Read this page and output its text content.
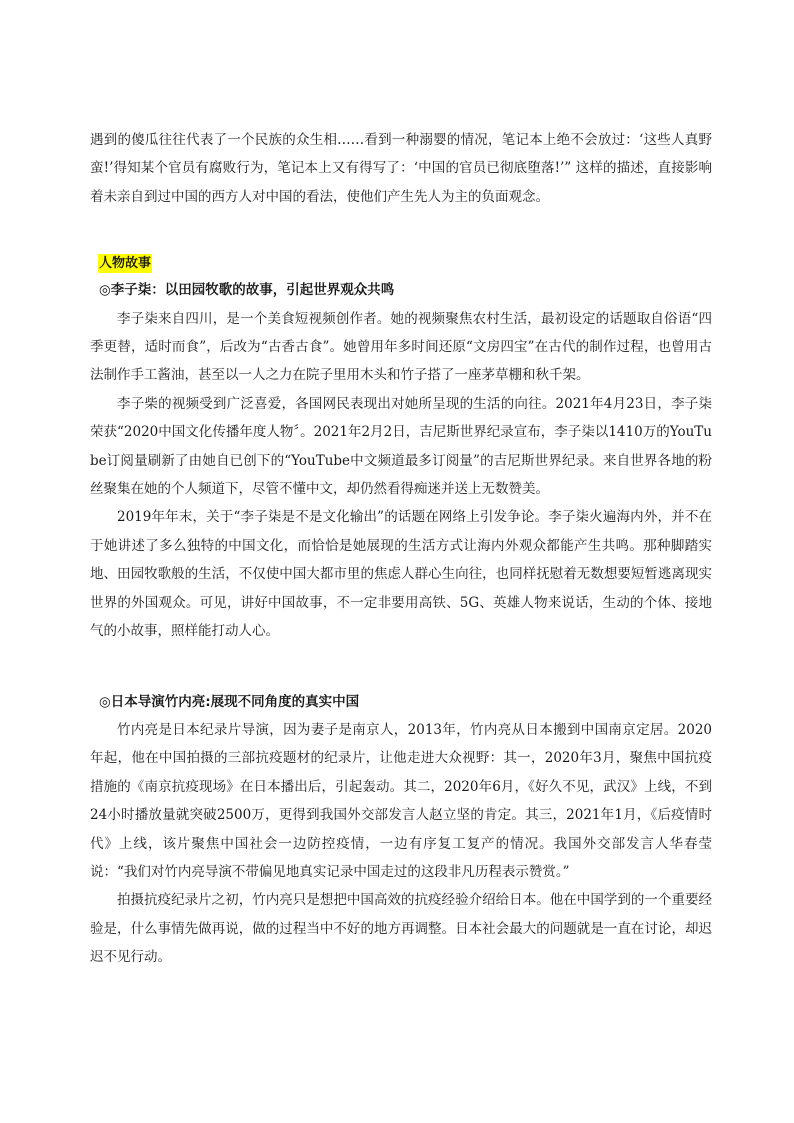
遇到的傻瓜往往代表了一个民族的众生相……看到一种溺婴的情况，笔记本上绝不会放过：‘这些人真野蛮!’得知某个官员有腐败行为，笔记本上又有得写了：‘中国的官员已彻底堕落!’” 这样的描述，直接影响着未亲自到过中国的西方人对中国的看法，使他们产生先人为主的负面观念。

人物故事
◎李子柒：以田园牧歌的故事，引起世界观众共鸣

李子柒来自四川，是一个美食短视频创作者。她的视频聚焦农村生活，最初设定的话题取自俗语“四季更替，适时而食”，后改为“古香古食”。她曾用年多时间还原“文房四宝”在古代的制作过程，也曾用古法制作手工酱油，甚至以一人之力在院子里用木头和竹子搭了一座茅草棚和秋千架。

李子柴的视频受到广泛喜爱，各国网民表现出对她所呈现的生活的向往。2021年4月23日，李子柒荣获“2020中国文化传播年度人物〞。2021年2月2日，吉尼斯世界纪录宣布，李子柒以1410万的YouTube订阅量刷新了由她自已创下的“YouTube中文频道最多订阅量”的吉尼斯世界纪录。来自世界各地的粉丝聚集在她的个人频道下，尽管不懂中文，却仍然看得痴迷并送上无数赞美。

2019年年末，关于“李子柒是不是文化输出”的话题在网络上引发争论。李子柒火遍海内外，并不在于她讲述了多么独特的中国文化，而恰恰是她展现的生活方式让海内外观众都能产生共鸣。那种脚踏实地、田园牧歌般的生活，不仅使中国大都市里的焦虑人群心生向往，也同样抚慰着无数想要短暂逃离现实世界的外国观众。可见，讲好中国故事，不一定非要用高铁、5G、英雄人物来说话，生动的个体、接地气的小故事，照样能打动人心。

◎日本导演竹内亮:展现不同角度的真实中国

竹内亮是日本纪录片导演，因为妻子是南京人，2013年，竹内亮从日本搬到中国南京定居。2020年起，他在中国拍摄的三部抗疫题材的纪录片，让他走进大众视野：其一，2020年3月，聚焦中国抗疫措施的《南京抗疫现场》在日本播出后，引起轰动。其二，2020年6月，《好久不见，武汉》上线，不到24小时播放量就突破2500万，更得到我国外交部发言人赵立坚的肯定。其三，2021年1月，《后疫情时代》上线，该片聚焦中国社会一边防控疫情，一边有序复工复产的情况。我国外交部发言人华春莹说：“我们对竹内亮导演不带偏见地真实记录中国走过的这段非凡历程表示赞赏。”

拍摄抗疫纪录片之初，竹内亮只是想把中国高效的抗疫经验介绍给日本。他在中国学到的一个重要经验是，什么事情先做再说，做的过程当中不好的地方再调整。日本社会最大的问题就是一直在讨论，却迟迟不见行动。
